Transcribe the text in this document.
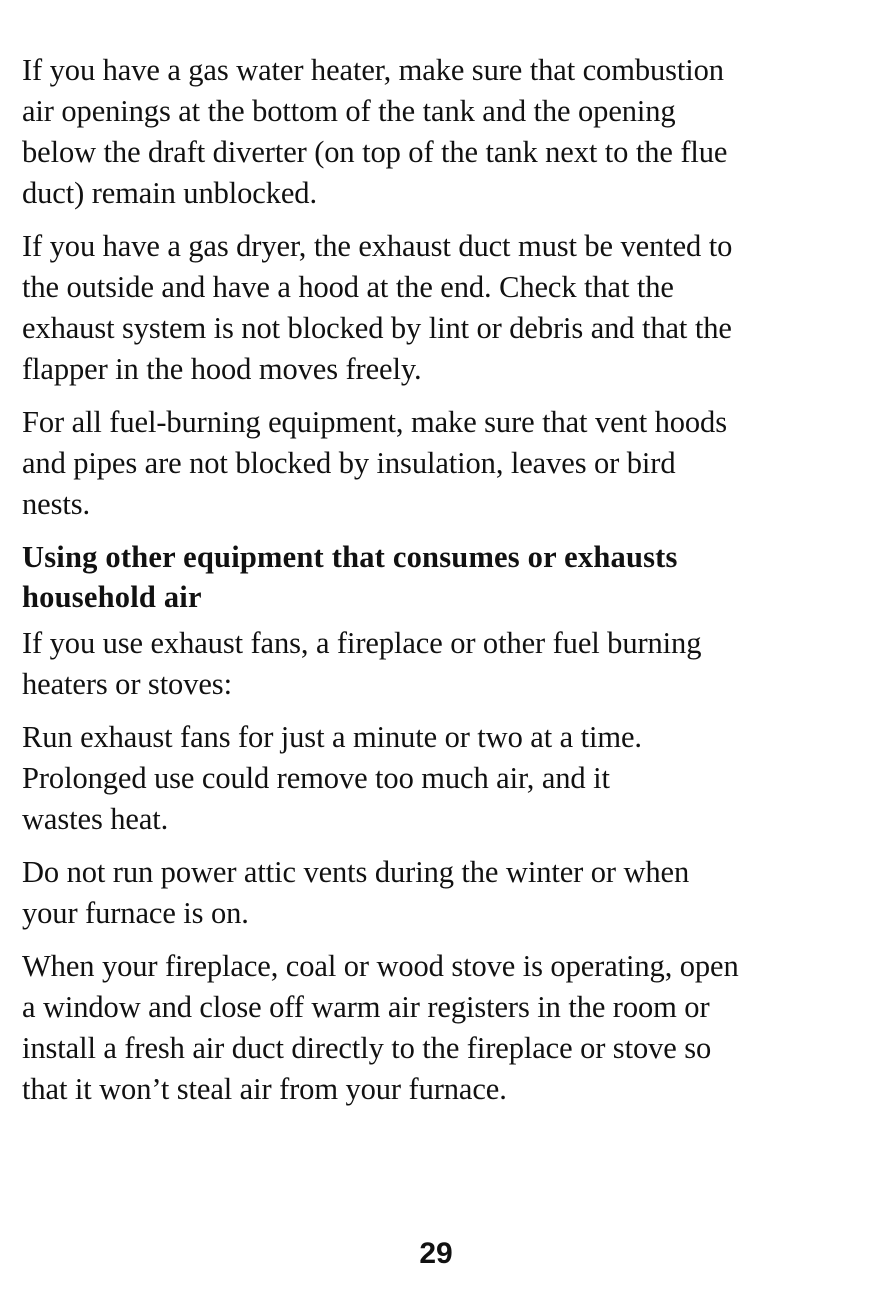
If you have a gas water heater, make sure that combustion
air openings at the bottom of the tank and the opening
below the draft diverter (on top of the tank next to the flue
duct) remain unblocked.

If you have a gas dryer, the exhaust duct must be vented to
the outside and have a hood at the end. Check that the
exhaust system is not blocked by lint or debris and that the
flapper in the hood moves freely.

For all fuel-burning equipment, make sure that vent hoods
and pipes are not blocked by insulation, leaves or bird
nests.

Using other equipment that consumes or exhausts
household air

If you use exhaust fans, a fireplace or other fuel burning
heaters or stoves:

Run exhaust fans for just a minute or two at a time.
Prolonged use could remove too much air, and it
wastes heat.

Do not run power attic vents during the winter or when
your furnace is on.

When your fireplace, coal or wood stove is operating, open
a window and close off warm air registers in the room or
install a fresh air duct directly to the fireplace or stove so
that it won’t steal air from your furnace.

29
